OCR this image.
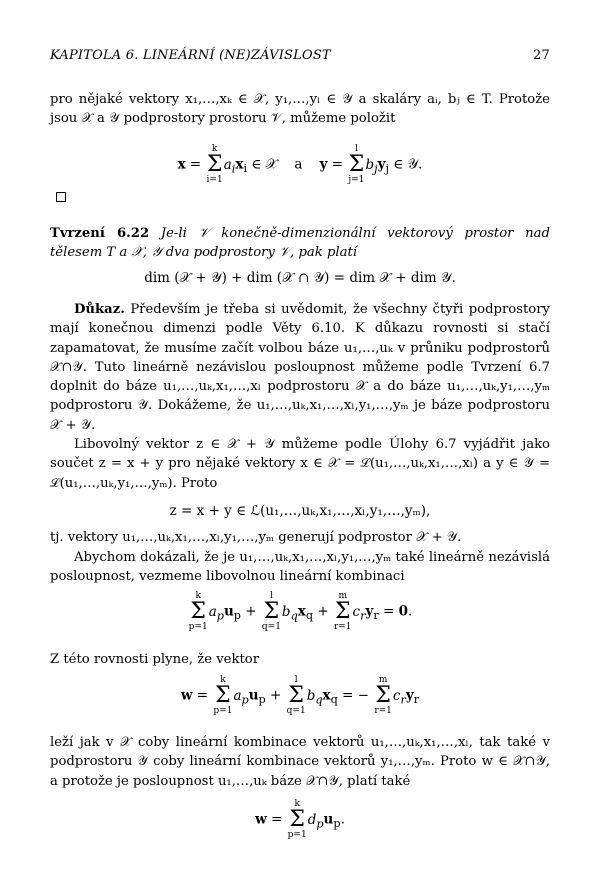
KAPITOLA 6. LINEÁRNÍ (NE)ZÁVISLOST	27
pro nějaké vektory x₁,…,xₖ ∈ 𝒳, y₁,…,yₗ ∈ 𝒴 a skaláry aᵢ, bⱼ ∈ T. Protože jsou 𝒳 a 𝒴 podprostory prostoru 𝒱, můžeme položit
x =
k
Σ
i=1
$a_ix_i$ ∈ 𝒳    a    y =
l
Σ
j=1
$b_jy_j$ ∈ 𝒴.
Tvrzení 6.22 Je-li 𝒱 konečně-dimenzionální vektorový prostor nad tělesem T a 𝒳, 𝒴 dva podprostory 𝒱, pak platí
dim (𝒳 + 𝒴) + dim (𝒳 ∩ 𝒴) = dim 𝒳 + dim 𝒴.
Důkaz. Především je třeba si uvědomit, že všechny čtyři podprostory mají konečnou dimenzi podle Věty 6.10. K důkazu rovnosti si stačí zapamatovat, že musíme začít volbou báze u₁,…,uₖ v průniku podprostorů 𝒳∩𝒴. Tuto lineárně nezávislou posloupnost můžeme podle Tvrzení 6.7 doplnit do báze u₁,…,uₖ,x₁,…,xₗ podprostoru 𝒳 a do báze u₁,…,uₖ,y₁,…,yₘ podprostoru 𝒴. Dokážeme, že u₁,…,uₖ,x₁,…,xₗ,y₁,…,yₘ je báze podprostoru 𝒳 + 𝒴.
Libovolný vektor z ∈ 𝒳 + 𝒴 můžeme podle Úlohy 6.7 vyjádřit jako součet z = x + y pro nějaké vektory x ∈ 𝒳 = ℒ(u₁,…,uₖ,x₁,…,xₗ) a y ∈ 𝒴 = ℒ(u₁,…,uₖ,y₁,…,yₘ). Proto
z = x + y ∈ ℒ(u₁,…,uₖ,x₁,…,xₗ,y₁,…,yₘ),
tj. vektory u₁,…,uₖ,x₁,…,xₗ,y₁,…,yₘ generují podprostor 𝒳 + 𝒴.
Abychom dokázali, že je u₁,…,uₖ,x₁,…,xₗ,y₁,…,yₘ také lineárně nezávislá posloupnost, vezmeme libovolnou lineární kombinaci
k
Σ
p=1
$a_pu_p$ +
l
Σ
q=1
$b_qx_q$ +
m
Σ
r=1
$c_ry_r = 0$.
Z této rovnosti plyne, že vektor
w =
k
Σ
p=1
$a_pu_p$ +
l
Σ
q=1
$b_qx_q$ = −
m
Σ
r=1
$c_ry_r$
leží jak v 𝒳 coby lineární kombinace vektorů u₁,…,uₖ,x₁,…,xₗ, tak také v podprostoru 𝒴 coby lineární kombinace vektorů y₁,…,yₘ. Proto w ∈ 𝒳∩𝒴, a protože je posloupnost u₁,…,uₖ báze 𝒳∩𝒴, platí také
w =
k
Σ
p=1
$d_pu_p$.
